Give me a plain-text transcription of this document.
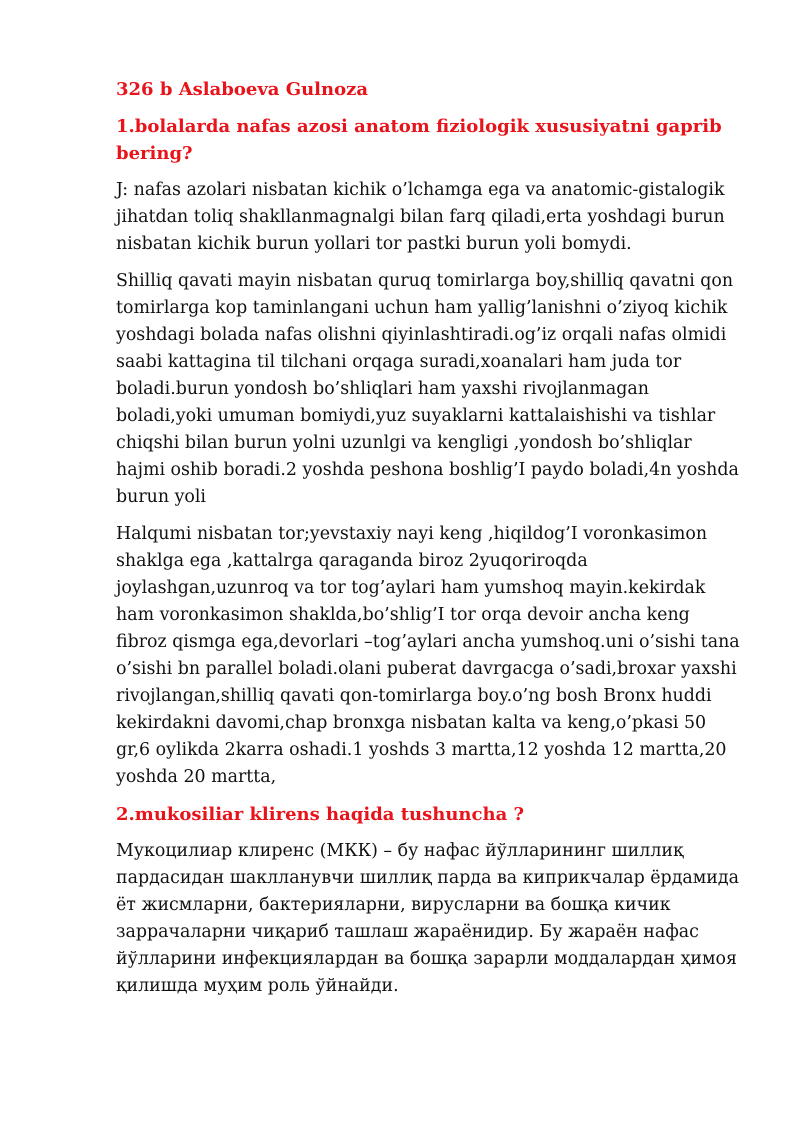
326 b Aslaboeva Gulnoza

1.bolalarda nafas azosi anatom fiziologik xususiyatni gaprib bering?

J: nafas azolari nisbatan kichik o’lchamga ega va anatomic-gistalogik jihatdan toliq shakllanmagnalgi bilan farq qiladi,erta yoshdagi burun nisbatan kichik burun yollari tor pastki burun yoli bomydi.

Shilliq qavati mayin nisbatan quruq tomirlarga boy,shilliq qavatni qon tomirlarga kop taminlangani uchun ham yallig’lanishni o’ziyoq kichik yoshdagi bolada nafas olishni qiyinlashtiradi.og’iz orqali nafas olmidi saabi kattagina til tilchani orqaga suradi,xoanalari ham juda tor boladi.burun yondosh bo’shliqlari ham yaxshi rivojlanmagan boladi,yoki umuman bomiydi,yuz suyaklarni kattalaishishi va tishlar chiqshi bilan burun yolni uzunlgi va kengligi ,yondosh bo’shliqlar hajmi oshib boradi.2 yoshda peshona boshlig’I paydo boladi,4n yoshda burun yoli

Halqumi nisbatan tor;yevstaxiy nayi keng ,hiqildog’I voronkasimon shaklga ega ,kattalrga qaraganda biroz 2yuqoriroqda joylashgan,uzunroq va tor tog’aylari ham yumshoq mayin.kekirdak ham voronkasimon shaklda,bo’shlig’I tor orqa devoir ancha keng fibroz qismga ega,devorlari –tog’aylari ancha yumshoq.uni o’sishi tana o’sishi bn parallel boladi.olani puberat davrgacga o’sadi,broxar yaxshi rivojlangan,shilliq qavati qon-tomirlarga boy.o’ng bosh Bronx huddi kekirdakni davomi,chap bronxga nisbatan kalta va keng,o’pkasi 50 gr,6 oylikda 2karra oshadi.1 yoshds 3 martta,12 yoshda 12 martta,20 yoshda 20 martta,

2.mukosiliar klirens haqida tushuncha ?

Мукоцилиар клиренс (МКК) – бу нафас йўлларининг шиллиқ пардасидан шаклланувчи шиллиқ парда ва киприкчалар ёрдамида ёт жисмларни, бактерияларни, вирусларни ва бошқа кичик заррачаларни чиқариб ташлаш жараёнидир. Бу жараён нафас йўлларини инфекциялардан ва бошқа зарарли моддалардан ҳимоя қилишда муҳим роль ўйнайди.
